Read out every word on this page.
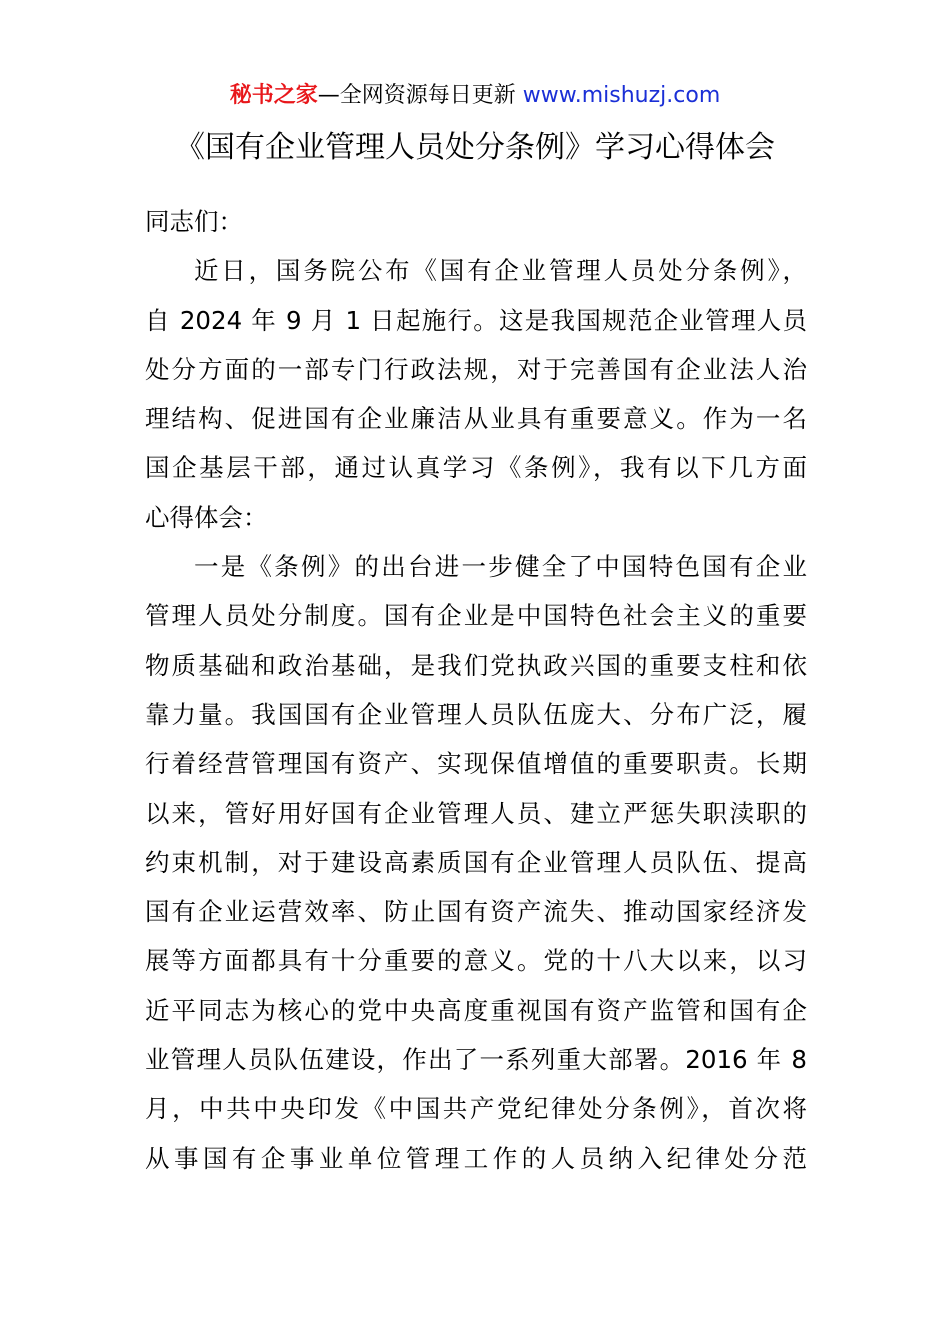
秘书之家—全网资源每日更新 www.mishuzj.com
《国有企业管理人员处分条例》学习心得体会
同志们：
近日，国务院公布《国有企业管理人员处分条例》，
自 2024 年 9 月 1 日起施行。这是我国规范企业管理人员
处分方面的一部专门行政法规，对于完善国有企业法人治
理结构、促进国有企业廉洁从业具有重要意义。作为一名
国企基层干部，通过认真学习《条例》，我有以下几方面
心得体会：
一是《条例》的出台进一步健全了中国特色国有企业
管理人员处分制度。国有企业是中国特色社会主义的重要
物质基础和政治基础，是我们党执政兴国的重要支柱和依
靠力量。我国国有企业管理人员队伍庞大、分布广泛，履
行着经营管理国有资产、实现保值增值的重要职责。长期
以来，管好用好国有企业管理人员、建立严惩失职渎职的
约束机制，对于建设高素质国有企业管理人员队伍、提高
国有企业运营效率、防止国有资产流失、推动国家经济发
展等方面都具有十分重要的意义。党的十八大以来，以习
近平同志为核心的党中央高度重视国有资产监管和国有企
业管理人员队伍建设，作出了一系列重大部署。2016 年 8
月，中共中央印发《中国共产党纪律处分条例》，首次将
从事国有企事业单位管理工作的人员纳入纪律处分范
